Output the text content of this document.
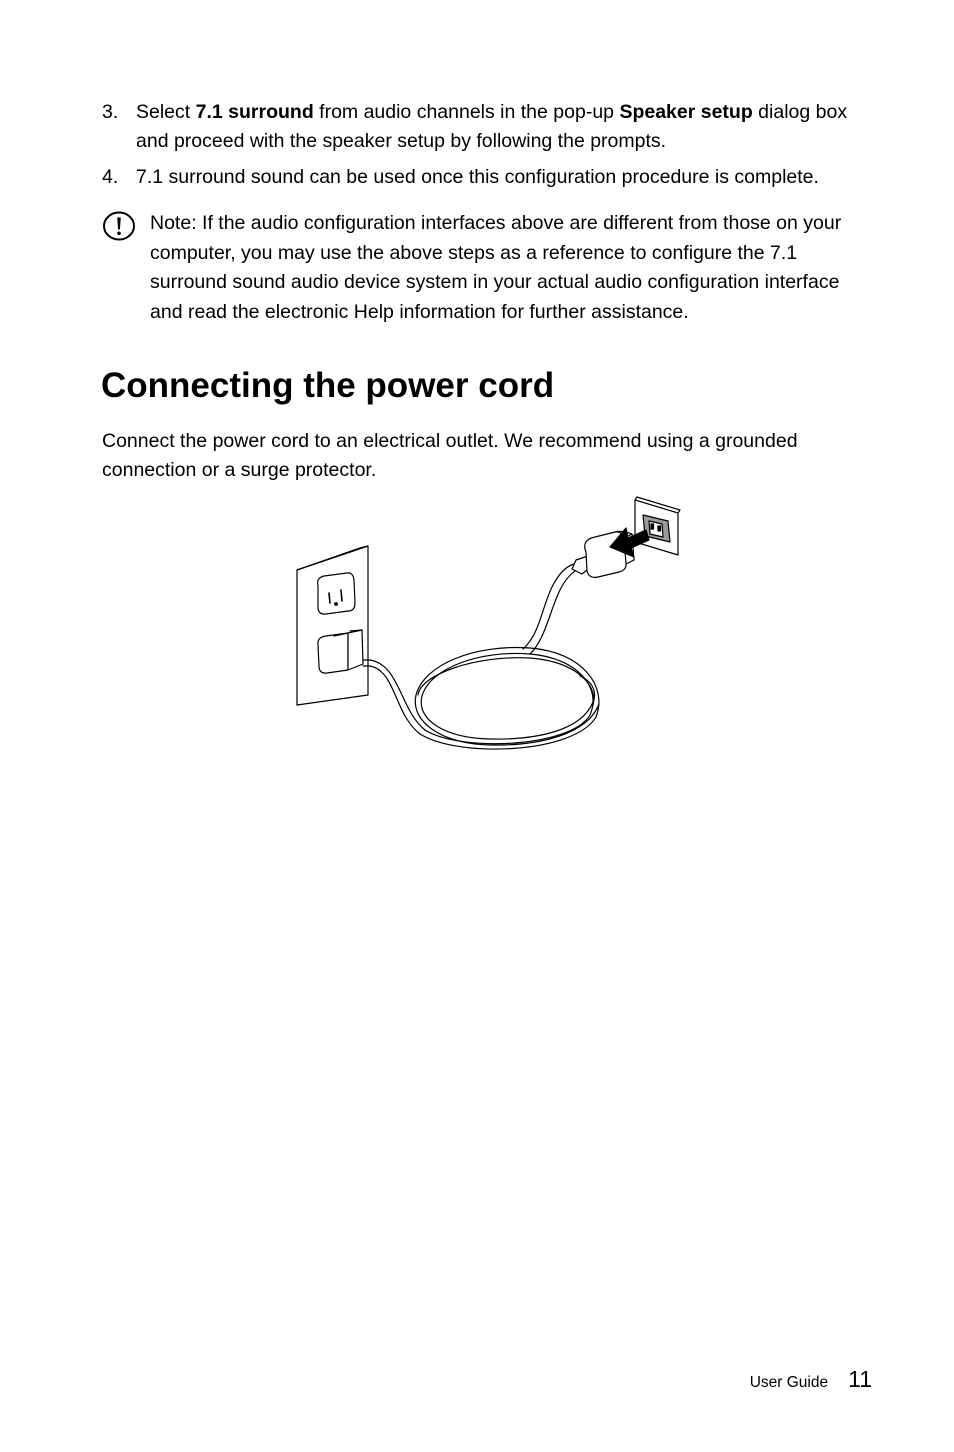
3. Select 7.1 surround from audio channels in the pop-up Speaker setup dialog box and proceed with the speaker setup by following the prompts.
4. 7.1 surround sound can be used once this configuration procedure is complete.
Note: If the audio configuration interfaces above are different from those on your computer, you may use the above steps as a reference to configure the 7.1 surround sound audio device system in your actual audio configuration interface and read the electronic Help information for further assistance.
Connecting the power cord

Connect the power cord to an electrical outlet. We recommend using a grounded connection or a surge protector.

User Guide 11
